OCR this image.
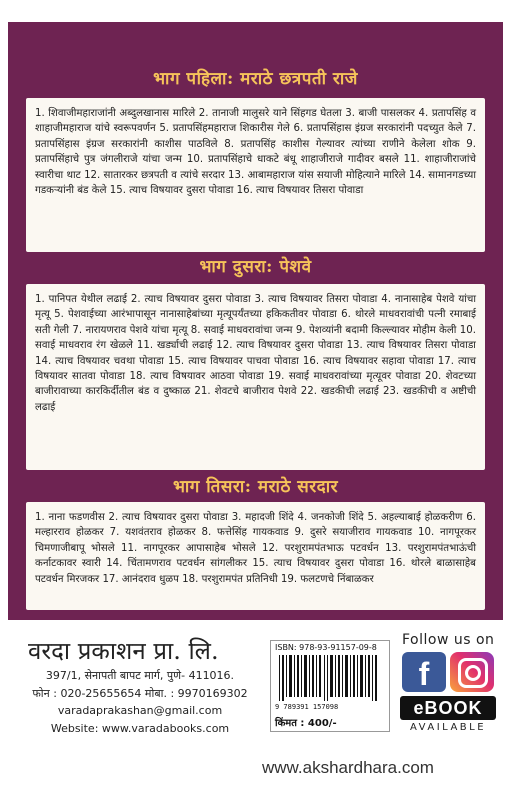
भाग पहिला: मराठे छत्रपती राजे
1. शिवाजीमहाराजांनी अब्दुलखानास मारिले 2. तानाजी मालुसरे याने सिंहगड घेतला 3. बाजी पासलकर 4. प्रतापसिंह व शाहाजीमहाराज यांचे स्वरूपवर्णन 5. प्रतापसिंहमहाराज शिकारीस गेले 6. प्रतापसिंहास इंग्रज सरकारांनी पदच्युत केले 7. प्रतापसिंहास इंग्रज सरकारांनी काशीस पाठविले 8. प्रतापसिंह काशीस गेल्यावर त्यांच्या राणीने केलेला शोक 9. प्रतापसिंहाचे पुत्र जंगलीराजे यांचा जन्म 10. प्रतापसिंहाचे धाकटे बंधू शाहाजीराजे गादीवर बसले 11. शाहाजीराजांचे स्वारीचा थाट 12. सातारकर छत्रपती व त्यांचे सरदार 13. आबामहाराज यांस सयाजी मोहित्याने मारिले 14. सामानगडच्या गडकऱ्यांनी बंड केले 15. त्याच विषयावर दुसरा पोवाडा 16. त्याच विषयावर तिसरा पोवाडा
भाग दुसरा: पेशवे
1. पानिपत येथील लढाई 2. त्याच विषयावर दुसरा पोवाडा 3. त्याच विषयावर तिसरा पोवाडा 4. नानासाहेब पेशवे यांचा मृत्यू 5. पेशवाईच्या आरंभापासून नानासाहेबांच्या मृत्यूपर्यंतच्या हकिकतीवर पोवाडा 6. थोरले माधवरावांची पत्नी रमाबाई सती गेली 7. नारायणराव पेशवे यांचा मृत्यू 8. सवाई माधवरावांचा जन्म 9. पेशव्यांनी बदामी किल्ल्यावर मोहीम केली 10. सवाई माधवराव रंग खेळले 11. खर्ड्याची लढाई 12. त्याच विषयावर दुसरा पोवाडा 13. त्याच विषयावर तिसरा पोवाडा 14. त्याच विषयावर चवथा पोवाडा 15. त्याच विषयावर पाचवा पोवाडा 16. त्याच विषयावर सहावा पोवाडा 17. त्याच विषयावर सातवा पोवाडा 18. त्याच विषयावर आठवा पोवाडा 19. सवाई माधवरावांच्या मृत्यूवर पोवाडा 20. शेवटच्या बाजीरावाच्या कारकिर्दीतील बंड व दुष्काळ 21. शेवटचे बाजीराव पेशवे 22. खडकीची लढाई 23. खडकीची व अष्टीची लढाई
भाग तिसरा: मराठे सरदार
1. नाना फडणवीस 2. त्याच विषयावर दुसरा पोवाडा 3. महादजी शिंदे 4. जनकोजी शिंदे 5. अहल्याबाई होळकरीण 6. मल्हारराव होळकर 7. यशवंतराव होळकर 8. फत्तेसिंह गायकवाड 9. दुसरे सयाजीराव गायकवाड 10. नागपूरकर चिमणाजीबापू भोसले 11. नागपूरकर आपासाहेब भोसले 12. परशुरामपंतभाऊ पटवर्धन 13. परशुरामपंतभाऊंची कर्नाटकावर स्वारी 14. चिंतामणराव पटवर्धन सांगलीकर 15. त्याच विषयावर दुसरा पोवाडा 16. थोरले बाळासाहेब पटवर्धन मिरजकर 17. आनंदराव धुळप 18. परशुरामपंत प्रतिनिधी 19. फलटणचे निंबाळकर
वरदा प्रकाशन प्रा. लि.
397/1, सेनापती बापट मार्ग, पुणे- 411016.
फोन : 020-25655654 मोबा. : 9970169302
varadaprakashan@gmail.com
Website: www.varadabooks.com
ISBN: 978-93-91157-09-8
9 789391 157098
किंमत : 400/-
Follow us on
f
eBOOK
AVAILABLE
www.akshardhara.com
